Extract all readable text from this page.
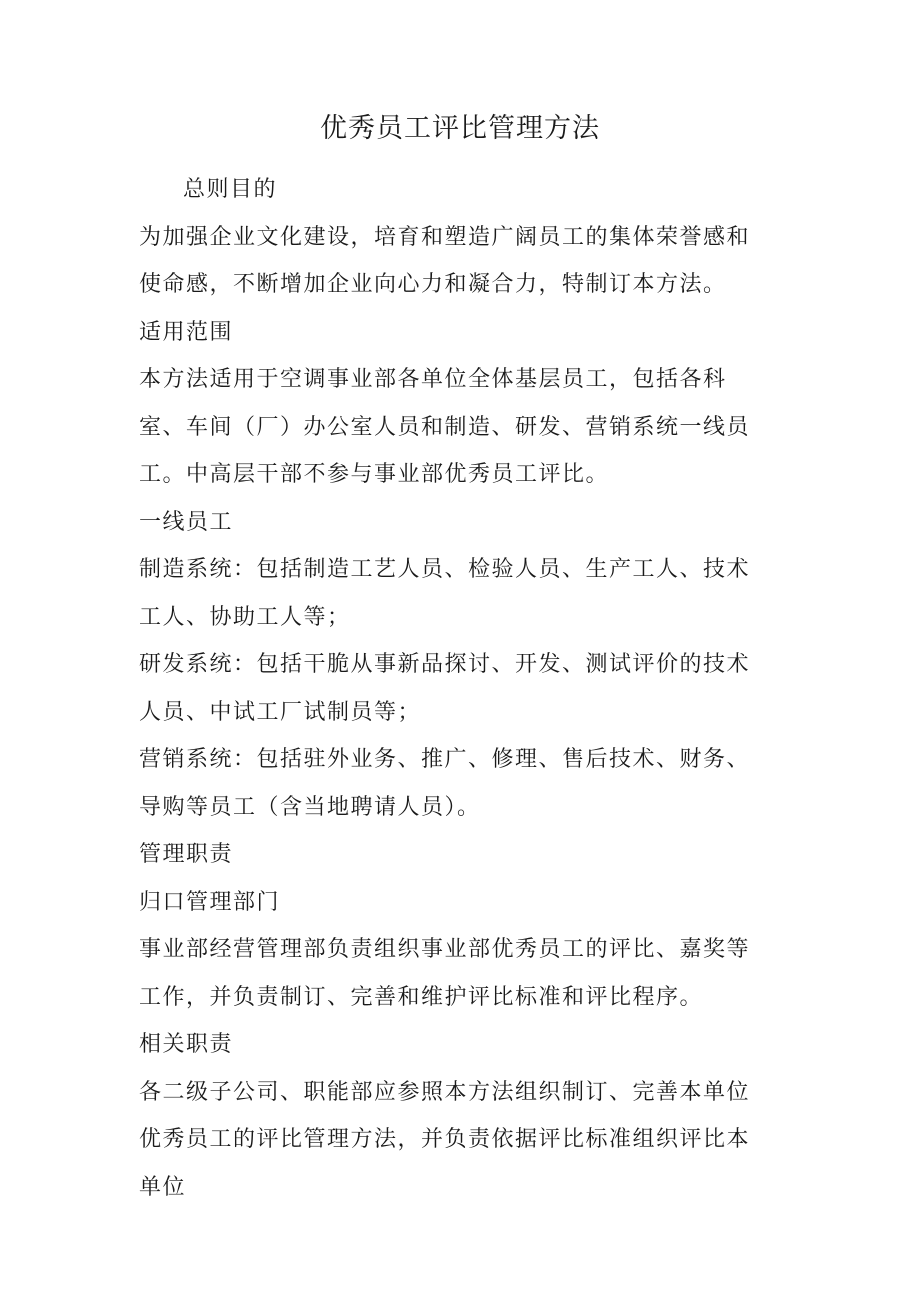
优秀员工评比管理方法

总则目的

为加强企业文化建设，培育和塑造广阔员工的集体荣誉感和使命感，不断增加企业向心力和凝合力，特制订本方法。

适用范围

本方法适用于空调事业部各单位全体基层员工，包括各科室、车间（厂）办公室人员和制造、研发、营销系统一线员工。中高层干部不参与事业部优秀员工评比。

一线员工

制造系统：包括制造工艺人员、检验人员、生产工人、技术工人、协助工人等；

研发系统：包括干脆从事新品探讨、开发、测试评价的技术人员、中试工厂试制员等；

营销系统：包括驻外业务、推广、修理、售后技术、财务、导购等员工（含当地聘请人员）。

管理职责

归口管理部门

事业部经营管理部负责组织事业部优秀员工的评比、嘉奖等工作，并负责制订、完善和维护评比标准和评比程序。

相关职责

各二级子公司、职能部应参照本方法组织制订、完善本单位优秀员工的评比管理方法，并负责依据评比标准组织评比本单位
